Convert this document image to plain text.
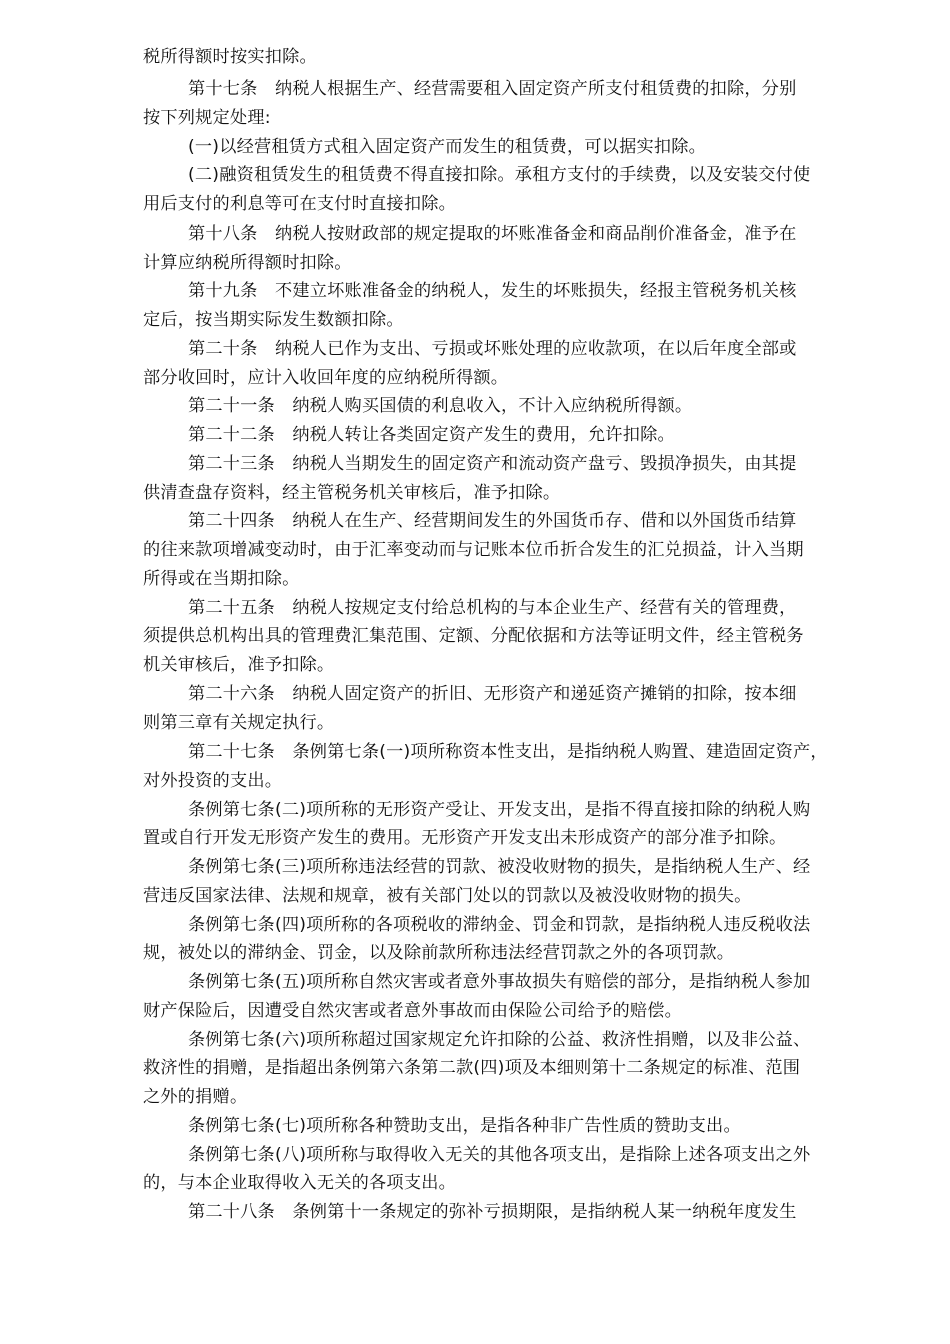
税所得额时按实扣除。
第十七条　纳税人根据生产、经营需要租入固定资产所支付租赁费的扣除，分别
按下列规定处理:
(一)以经营租赁方式租入固定资产而发生的租赁费，可以据实扣除。
(二)融资租赁发生的租赁费不得直接扣除。承租方支付的手续费，以及安装交付使
用后支付的利息等可在支付时直接扣除。
第十八条　纳税人按财政部的规定提取的坏账准备金和商品削价准备金，准予在
计算应纳税所得额时扣除。
第十九条　不建立坏账准备金的纳税人，发生的坏账损失，经报主管税务机关核
定后，按当期实际发生数额扣除。
第二十条　纳税人已作为支出、亏损或坏账处理的应收款项，在以后年度全部或
部分收回时，应计入收回年度的应纳税所得额。
第二十一条　纳税人购买国债的利息收入，不计入应纳税所得额。
第二十二条　纳税人转让各类固定资产发生的费用，允许扣除。
第二十三条　纳税人当期发生的固定资产和流动资产盘亏、毁损净损失，由其提
供清查盘存资料，经主管税务机关审核后，准予扣除。
第二十四条　纳税人在生产、经营期间发生的外国货币存、借和以外国货币结算
的往来款项增减变动时，由于汇率变动而与记账本位币折合发生的汇兑损益，计入当期
所得或在当期扣除。
第二十五条　纳税人按规定支付给总机构的与本企业生产、经营有关的管理费，
须提供总机构出具的管理费汇集范围、定额、分配依据和方法等证明文件，经主管税务
机关审核后，准予扣除。
第二十六条　纳税人固定资产的折旧、无形资产和递延资产摊销的扣除，按本细
则第三章有关规定执行。
第二十七条　条例第七条(一)项所称资本性支出，是指纳税人购置、建造固定资产，
对外投资的支出。
条例第七条(二)项所称的无形资产受让、开发支出，是指不得直接扣除的纳税人购
置或自行开发无形资产发生的费用。无形资产开发支出未形成资产的部分准予扣除。
条例第七条(三)项所称违法经营的罚款、被没收财物的损失，是指纳税人生产、经
营违反国家法律、法规和规章，被有关部门处以的罚款以及被没收财物的损失。
条例第七条(四)项所称的各项税收的滞纳金、罚金和罚款，是指纳税人违反税收法
规，被处以的滞纳金、罚金，以及除前款所称违法经营罚款之外的各项罚款。
条例第七条(五)项所称自然灾害或者意外事故损失有赔偿的部分，是指纳税人参加
财产保险后，因遭受自然灾害或者意外事故而由保险公司给予的赔偿。
条例第七条(六)项所称超过国家规定允许扣除的公益、救济性捐赠，以及非公益、
救济性的捐赠，是指超出条例第六条第二款(四)项及本细则第十二条规定的标准、范围
之外的捐赠。
条例第七条(七)项所称各种赞助支出，是指各种非广告性质的赞助支出。
条例第七条(八)项所称与取得收入无关的其他各项支出，是指除上述各项支出之外
的，与本企业取得收入无关的各项支出。
第二十八条　条例第十一条规定的弥补亏损期限，是指纳税人某一纳税年度发生
